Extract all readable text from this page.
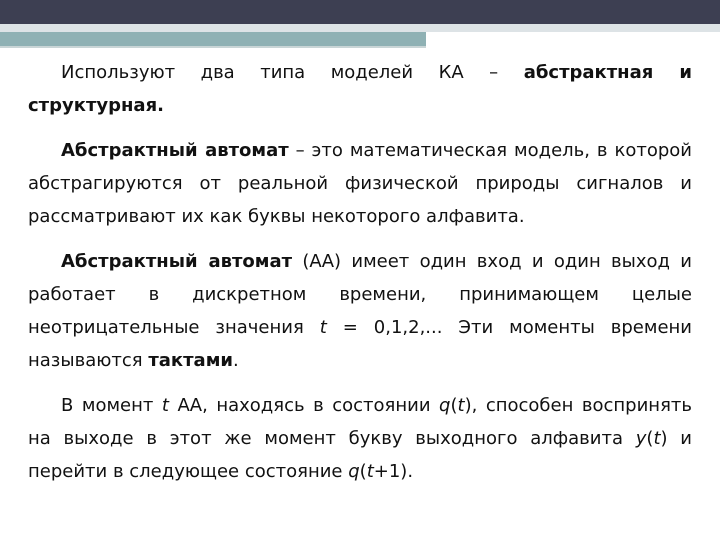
Используют два типа моделей КА – абстрактная и структурная.

Абстрактный автомат – это математическая модель, в которой абстрагируются от реальной физической природы сигналов и рассматривают их как буквы некоторого алфавита.

Абстрактный автомат (АА) имеет один вход и один выход и работает в дискретном времени, принимающем целые неотрицательные значения t = 0,1,2,... Эти моменты времени называются тактами.

В момент t АА, находясь в состоянии q(t), способен воспринять на выходе в этот же момент букву выходного алфавита y(t) и перейти в следующее состояние q(t+1).
